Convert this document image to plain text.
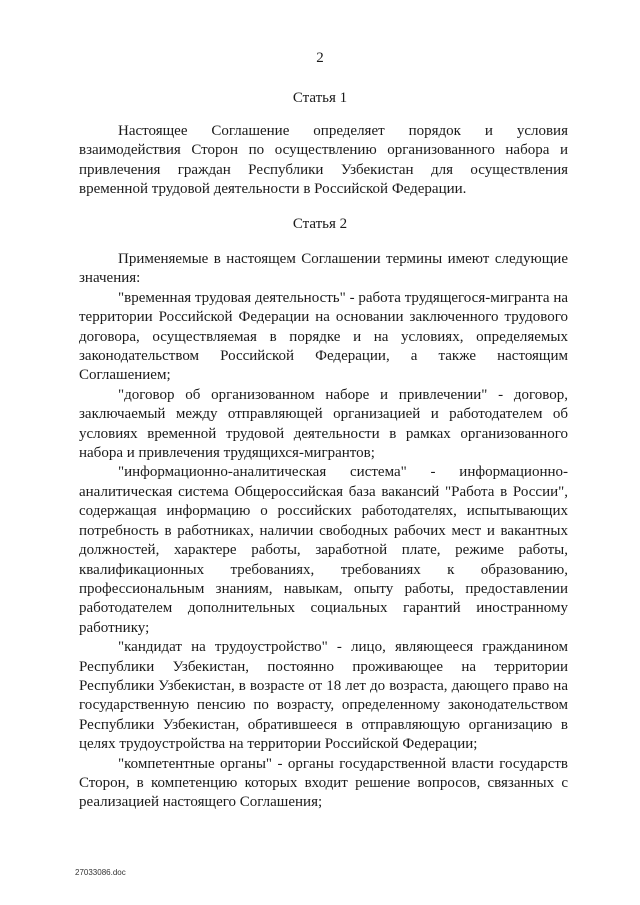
2
Статья 1

Настоящее Соглашение определяет порядок и условия взаимодействия Сторон по осуществлению организованного набора и привлечения граждан Республики Узбекистан для осуществления временной трудовой деятельности в Российской Федерации.

Статья 2

Применяемые в настоящем Соглашении термины имеют следующие значения:

"временная трудовая деятельность" - работа трудящегося-мигранта на территории Российской Федерации на основании заключенного трудового договора, осуществляемая в порядке и на условиях, определяемых законодательством Российской Федерации, а также настоящим Соглашением;

"договор об организованном наборе и привлечении" - договор, заключаемый между отправляющей организацией и работодателем об условиях временной трудовой деятельности в рамках организованного набора и привлечения трудящихся-мигрантов;

"информационно-аналитическая система" - информационно-аналитическая система Общероссийская база вакансий "Работа в России", содержащая информацию о российских работодателях, испытывающих потребность в работниках, наличии свободных рабочих мест и вакантных должностей, характере работы, заработной плате, режиме работы, квалификационных требованиях, требованиях к образованию, профессиональным знаниям, навыкам, опыту работы, предоставлении работодателем дополнительных социальных гарантий иностранному работнику;

"кандидат на трудоустройство" - лицо, являющееся гражданином Республики Узбекистан, постоянно проживающее на территории Республики Узбекистан, в возрасте от 18 лет до возраста, дающего право на государственную пенсию по возрасту, определенному законодательством Республики Узбекистан, обратившееся в отправляющую организацию в целях трудоустройства на территории Российской Федерации;

"компетентные органы" - органы государственной власти государств Сторон, в компетенцию которых входит решение вопросов, связанных с реализацией настоящего Соглашения;

27033086.doc
